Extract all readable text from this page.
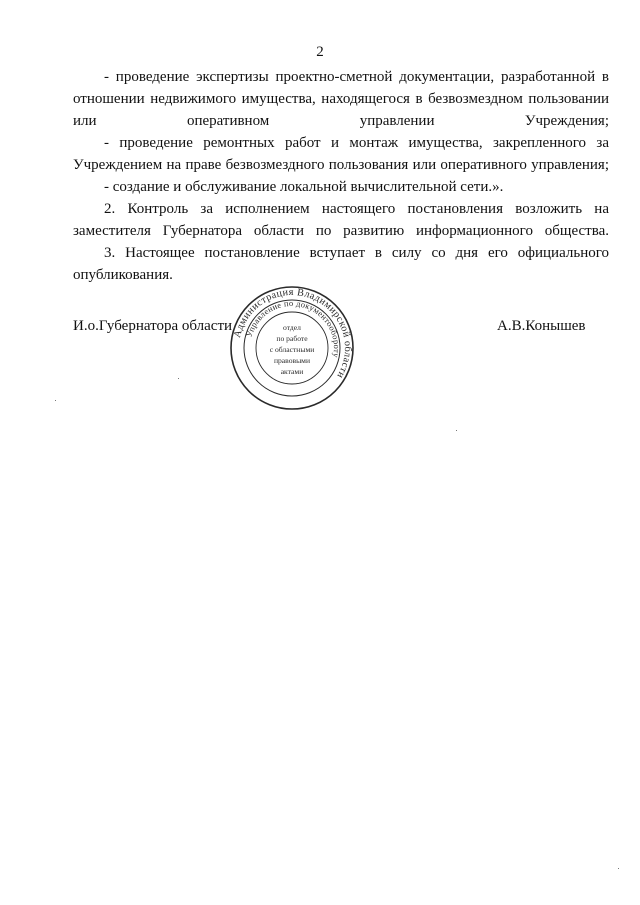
2

- проведение экспертизы проектно-сметной документации, разработанной в отношении недвижимого имущества, находящегося в безвозмездном пользовании или оперативном управлении Учреждения;

- проведение ремонтных работ и монтаж имущества, закрепленного за Учреждением на праве безвозмездного пользования или оперативного управления;

- создание и обслуживание локальной вычислительной сети.».

2. Контроль за исполнением настоящего постановления возложить на заместителя Губернатора области по развитию информационного общества.

3. Настоящее постановление вступает в силу со дня его официального опубликования.

И.о.Губернатора области	А.В.Конышев
Администрация Владимирской области
Управление по документообороту
отдел
по работе
с областными
правовыми
актами
